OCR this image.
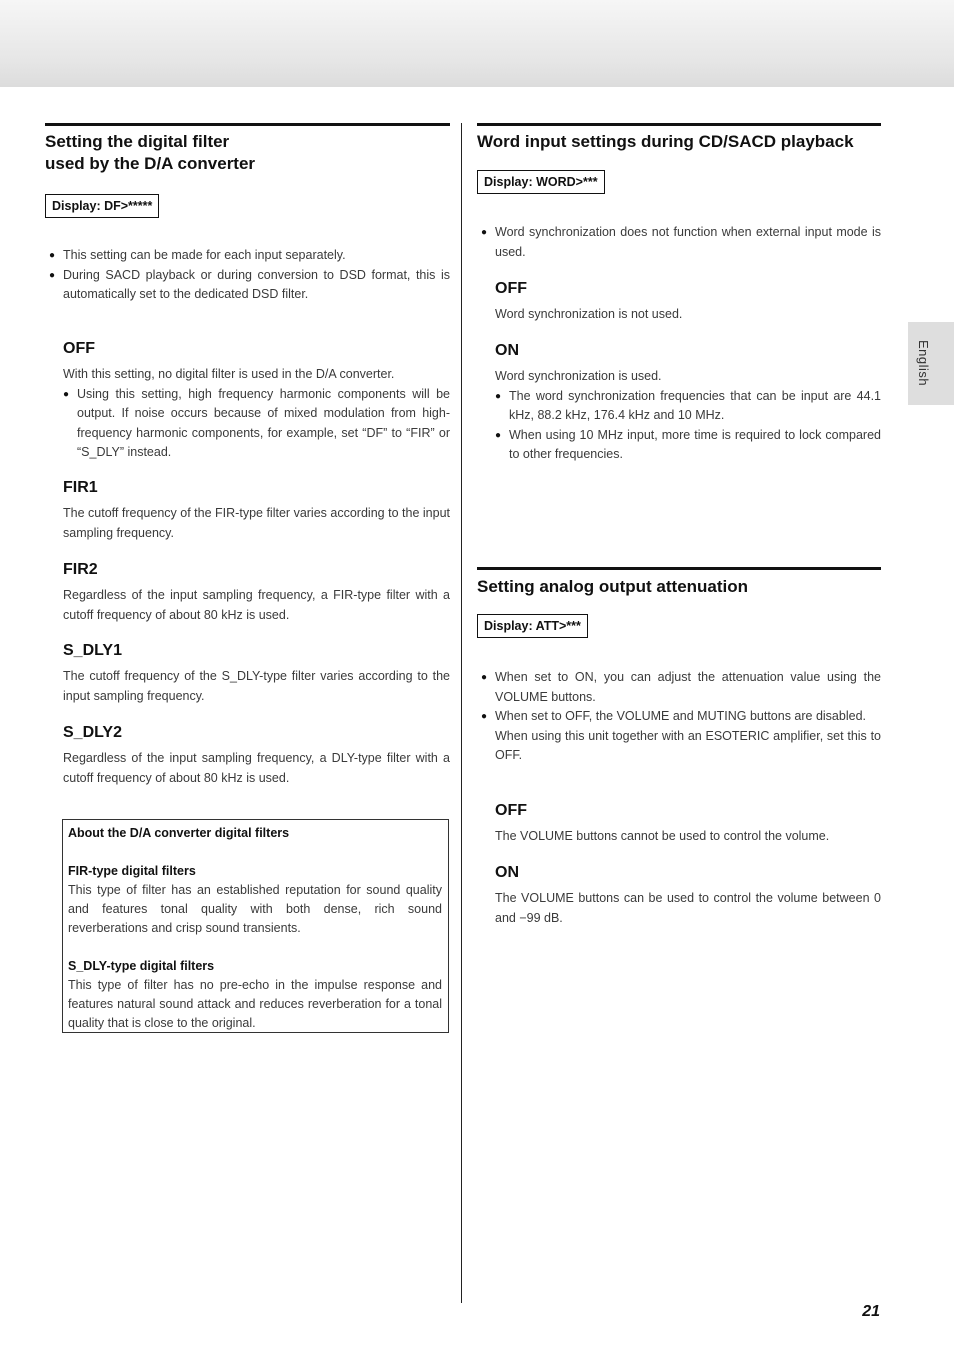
Setting the digital filter

used by the D/A converter

Display: DF>*****
● This setting can be made for each input separately.
● During SACD playback or during conversion to DSD format, this is automatically set to the dedicated DSD filter.

OFF

With this setting, no digital filter is used in the D/A converter.

● Using this setting, high frequency harmonic components will be output. If noise occurs because of mixed modulation from high-frequency harmonic components, for example, set “DF” to “FIR” or “S_DLY” instead.

FIR1

The cutoff frequency of the FIR-type filter varies according to the input sampling frequency.

FIR2

Regardless of the input sampling frequency, a FIR-type filter with a cutoff frequency of about 80 kHz is used.

S_DLY1

The cutoff frequency of the S_DLY-type filter varies according to the input sampling frequency.

S_DLY2

Regardless of the input sampling frequency, a DLY-type filter with a cutoff frequency of about 80 kHz is used.

About the D/A converter digital filters

FIR-type digital filters

This type of filter has an established reputation for sound quality and features tonal quality with both dense, rich sound reverberations and crisp sound transients.

S_DLY-type digital filters

This type of filter has no pre-echo in the impulse response and features natural sound attack and reduces reverberation for a tonal quality that is close to the original.

Word input settings during CD/SACD playback

Display: WORD>***
● Word synchronization does not function when external input mode is used.

OFF

Word synchronization is not used.

ON

Word synchronization is used.

● The word synchronization frequencies that can be input are 44.1 kHz, 88.2 kHz, 176.4 kHz and 10 MHz.
● When using 10 MHz input, more time is required to lock compared to other frequencies.

Setting analog output attenuation

Display: ATT>***
● When set to ON, you can adjust the attenuation value using the VOLUME buttons.
● When set to OFF, the VOLUME and MUTING buttons are disabled.

When using this unit together with an ESOTERIC amplifier, set this to OFF.

OFF

The VOLUME buttons cannot be used to control the volume.

ON

The VOLUME buttons can be used to control the volume between 0 and −99 dB.

English
21
